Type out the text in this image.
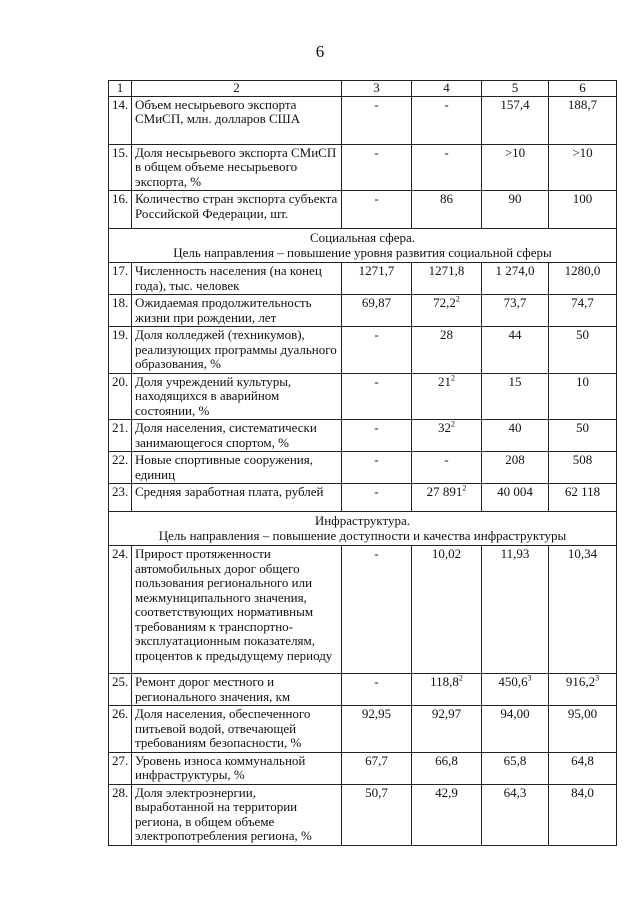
6
1	2	3	4	5	6
14.	Объем несырьевого экспорта СМиСП, млн. долларов США	-	-	157,4	188,7
15.	Доля несырьевого экспорта СМиСП в общем объеме несырьевого экспорта, %	-	-	>10	>10
16.	Количество стран экспорта субъекта Российской Федерации, шт.	-	86	90	100

Социальная сфера.
Цель направления – повышение уровня развития социальной сферы					

17.	Численность населения (на конец года), тыс. человек	1271,7	1271,8	1 274,0	1280,0
18.	Ожидаемая продолжительность жизни при рождении, лет	69,87	72,2$^2$	73,7	74,7
19.	Доля колледжей (техникумов), реализующих программы дуального образования, %	-	28	44	50
20.	Доля учреждений культуры, находящихся в аварийном состоянии, %	-	$21^2$	15	10
21.	Доля населения, систематически занимающегося спортом, %	-	$32^2$	40	50
22.	Новые спортивные сооружения, единиц	-	-	208	508
23.	Средняя заработная плата, рублей	-	27 $891^2$	40 004	62 118

Инфраструктура.
Цель направления – повышение доступности и качества инфраструктуры					

24.	Прирост протяженности автомобильных дорог общего пользования регионального или межмуниципального значения, соответствующих нормативным требованиям к транспортно-эксплуатационным показателям, процентов к предыдущему периоду	-	10,02	11,93	10,34
25.	Ремонт дорог местного и регионального значения, км	-	118,8$^2$	450,6$^3$	916,2$^3$
26.	Доля населения, обеспеченного питьевой водой, отвечающей требованиям безопасности, %	92,95	92,97	94,00	95,00
27.	Уровень износа коммунальной инфраструктуры, %	67,7	66,8	65,8	64,8
28.	Доля электроэнергии, выработанной на территории региона, в общем объеме электропотребления региона, %	50,7	42,9	64,3	84,0
